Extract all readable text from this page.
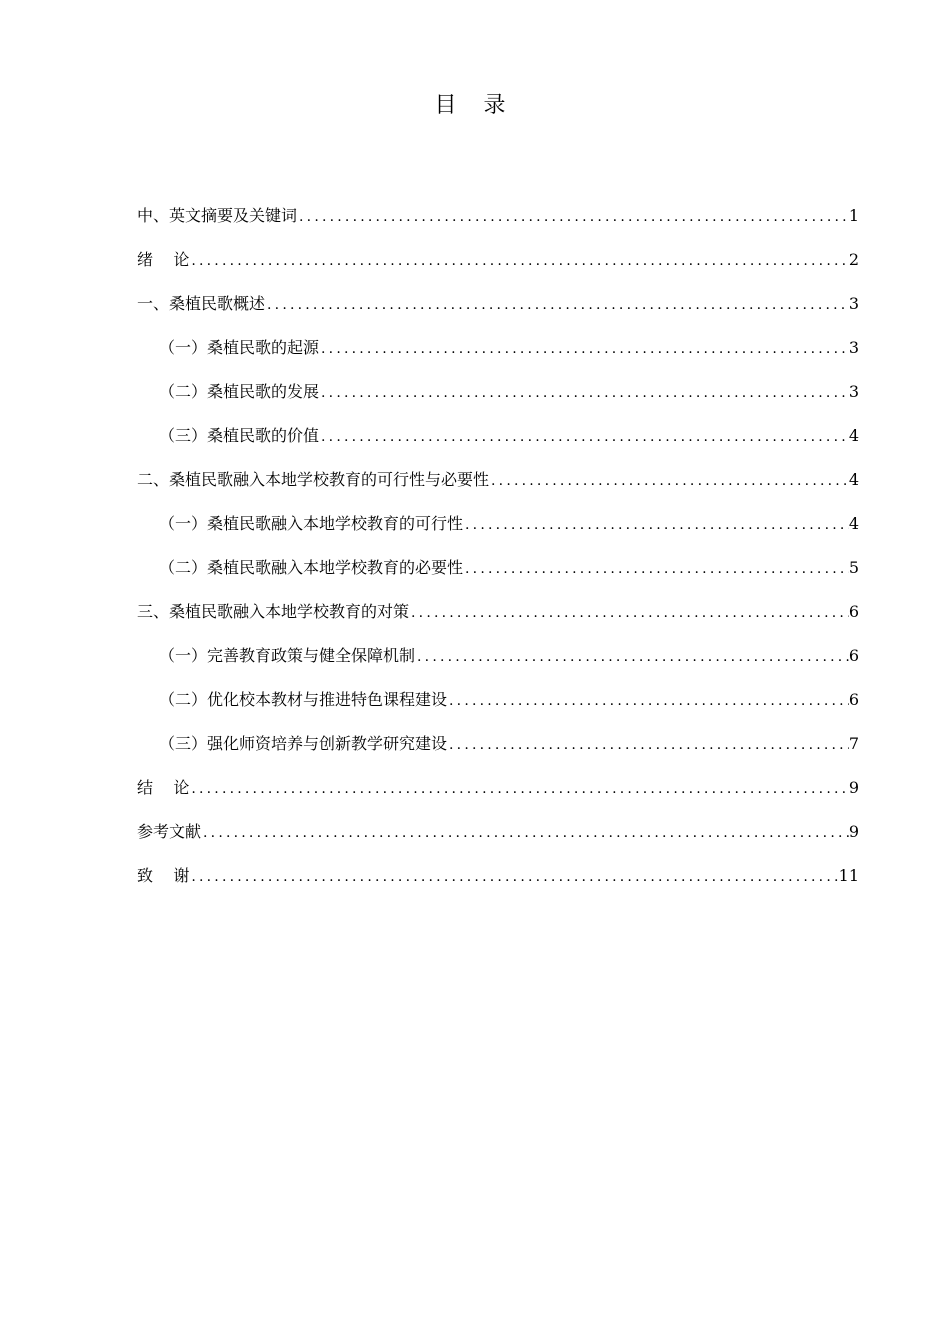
目 录
中、英文摘要及关键词 .....	1
绪    论 .....	2
一、桑植民歌概述 .....	3
（一）桑植民歌的起源 .....	3
（二）桑植民歌的发展 .....	3
（三）桑植民歌的价值 .....	4
二、桑植民歌融入本地学校教育的可行性与必要性 .....	4
（一）桑植民歌融入本地学校教育的可行性 .....	4
（二）桑植民歌融入本地学校教育的必要性 .....	5
三、桑植民歌融入本地学校教育的对策 .....	6
（一）完善教育政策与健全保障机制 .....	6
（二）优化校本教材与推进特色课程建设 .....	6
（三）强化师资培养与创新教学研究建设 .....	7
结    论 .....	9
参考文献 .....	9
致    谢 .....	11
